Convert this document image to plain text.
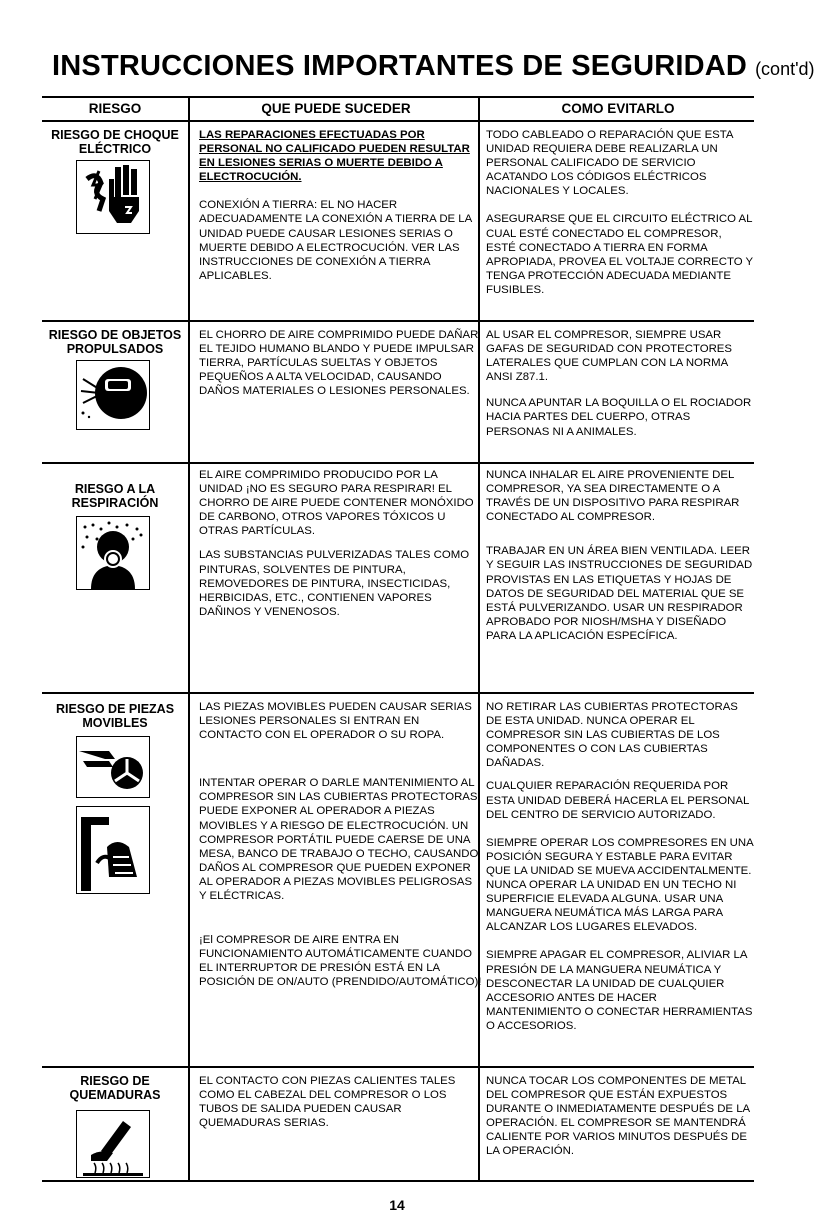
INSTRUCCIONES IMPORTANTES DE SEGURIDAD (cont'd)
RIESGO	QUE PUEDE SUCEDER	COMO EVITARLO
RIESGO DE CHOQUE ELÉCTRICO

LAS REPARACIONES EFECTUADAS POR PERSONAL NO CALIFICADO PUEDEN RESULTAR EN LESIONES SERIAS O MUERTE DEBIDO A ELECTROCUCIÓN.

CONEXIÓN A TIERRA: EL NO HACER ADECUADAMENTE LA CONEXIÓN A TIERRA DE LA UNIDAD PUEDE CAUSAR LESIONES SERIAS O MUERTE DEBIDO A ELECTROCUCIÓN. VER LAS INSTRUCCIONES DE CONEXIÓN A TIERRA APLICABLES.

TODO CABLEADO O REPARACIÓN QUE ESTA UNIDAD REQUIERA DEBE REALIZARLA UN PERSONAL CALIFICADO DE SERVICIO ACATANDO LOS CÓDIGOS ELÉCTRICOS NACIONALES Y LOCALES.

ASEGURARSE QUE EL CIRCUITO ELÉCTRICO AL CUAL ESTÉ CONECTADO EL COMPRESOR, ESTÉ CONECTADO A TIERRA EN FORMA APROPIADA, PROVEA EL VOLTAJE CORRECTO Y TENGA PROTECCIÓN ADECUADA MEDIANTE FUSIBLES.

RIESGO DE OBJETOS PROPULSADOS

EL CHORRO DE AIRE COMPRIMIDO PUEDE DAÑAR EL TEJIDO HUMANO BLANDO Y PUEDE IMPULSAR TIERRA, PARTÍCULAS SUELTAS Y OBJETOS PEQUEÑOS A ALTA VELOCIDAD, CAUSANDO DAÑOS MATERIALES O LESIONES PERSONALES.

AL USAR EL COMPRESOR, SIEMPRE USAR GAFAS DE SEGURIDAD CON PROTECTORES LATERALES QUE CUMPLAN CON LA NORMA ANSI Z87.1.

NUNCA APUNTAR LA BOQUILLA O EL ROCIADOR HACIA PARTES DEL CUERPO, OTRAS PERSONAS NI A ANIMALES.

RIESGO A LA RESPIRACIÓN

EL AIRE COMPRIMIDO PRODUCIDO POR LA UNIDAD ¡NO ES SEGURO PARA RESPIRAR! EL CHORRO DE AIRE PUEDE CONTENER MONÓXIDO DE CARBONO, OTROS VAPORES TÓXICOS U OTRAS PARTÍCULAS.

LAS SUBSTANCIAS PULVERIZADAS TALES COMO PINTURAS, SOLVENTES DE PINTURA, REMOVEDORES DE PINTURA, INSECTICIDAS, HERBICIDAS, ETC., CONTIENEN VAPORES DAÑINOS Y VENENOSOS.

NUNCA INHALAR EL AIRE PROVENIENTE DEL COMPRESOR, YA SEA DIRECTAMENTE O A TRAVÉS DE UN DISPOSITIVO PARA RESPIRAR CONECTADO AL COMPRESOR.

TRABAJAR EN UN ÁREA BIEN VENTILADA. LEER Y SEGUIR LAS INSTRUCCIONES DE SEGURIDAD PROVISTAS EN LAS ETIQUETAS Y HOJAS DE DATOS DE SEGURIDAD DEL MATERIAL QUE SE ESTÁ PULVERIZANDO. USAR UN RESPIRADOR APROBADO POR NIOSH/MSHA Y DISEÑADO PARA LA APLICACIÓN ESPECÍFICA.

RIESGO DE PIEZAS MOVIBLES

LAS PIEZAS MOVIBLES PUEDEN CAUSAR SERIAS LESIONES PERSONALES SI ENTRAN EN CONTACTO CON EL OPERADOR O SU ROPA.

INTENTAR OPERAR O DARLE MANTENIMIENTO AL COMPRESOR SIN LAS CUBIERTAS PROTECTORAS PUEDE EXPONER AL OPERADOR A PIEZAS MOVIBLES Y A RIESGO DE ELECTROCUCIÓN. UN COMPRESOR PORTÁTIL PUEDE CAERSE DE UNA MESA, BANCO DE TRABAJO O TECHO, CAUSANDO DAÑOS AL COMPRESOR QUE PUEDEN EXPONER AL OPERADOR A PIEZAS MOVIBLES PELIGROSAS Y ELÉCTRICAS.

¡El COMPRESOR DE AIRE ENTRA EN FUNCIONAMIENTO AUTOMÁTICAMENTE CUANDO EL INTERRUPTOR DE PRESIÓN ESTÁ EN LA POSICIÓN DE ON/AUTO (PRENDIDO/AUTOMÁTICO)!

NO RETIRAR LAS CUBIERTAS PROTECTORAS DE ESTA UNIDAD. NUNCA OPERAR EL COMPRESOR SIN LAS CUBIERTAS DE LOS COMPONENTES O CON LAS CUBIERTAS DAÑADAS.

CUALQUIER REPARACIÓN REQUERIDA POR ESTA UNIDAD DEBERÁ HACERLA EL PERSONAL DEL CENTRO DE SERVICIO AUTORIZADO.

SIEMPRE OPERAR LOS COMPRESORES EN UNA POSICIÓN SEGURA Y ESTABLE PARA EVITAR QUE LA UNIDAD SE MUEVA ACCIDENTALMENTE. NUNCA OPERAR LA UNIDAD EN UN TECHO NI SUPERFICIE ELEVADA ALGUNA. USAR UNA MANGUERA NEUMÁTICA MÁS LARGA PARA ALCANZAR LOS LUGARES ELEVADOS.

SIEMPRE APAGAR EL COMPRESOR, ALIVIAR LA PRESIÓN DE LA MANGUERA NEUMÁTICA Y DESCONECTAR LA UNIDAD DE CUALQUIER ACCESORIO ANTES DE HACER MANTENIMIENTO O CONECTAR HERRAMIENTAS O ACCESORIOS.

RIESGO DE QUEMADURAS

EL CONTACTO CON PIEZAS CALIENTES TALES COMO EL CABEZAL DEL COMPRESOR O LOS TUBOS DE SALIDA PUEDEN CAUSAR QUEMADURAS SERIAS.

NUNCA TOCAR LOS COMPONENTES DE METAL DEL COMPRESOR QUE ESTÁN EXPUESTOS DURANTE O INMEDIATAMENTE DESPUÉS DE LA OPERACIÓN. EL COMPRESOR SE MANTENDRÁ CALIENTE POR VARIOS MINUTOS DESPUÉS DE LA OPERACIÓN.

14
